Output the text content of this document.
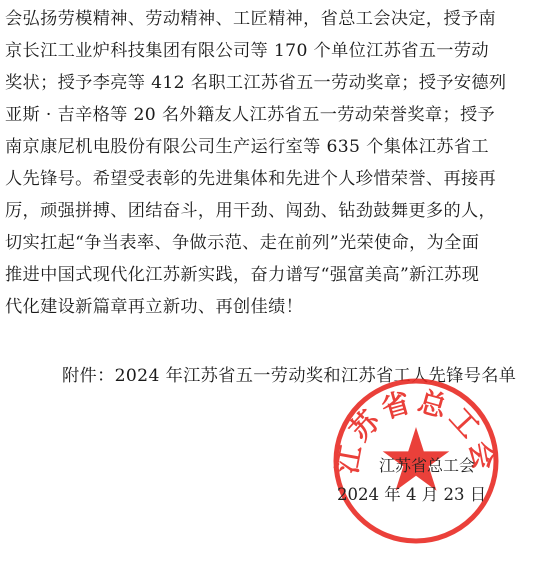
会弘扬劳模精神、劳动精神、工匠精神，省总工会决定，授予南
京长江工业炉科技集团有限公司等 170 个单位江苏省五一劳动
奖状；授予李亮等 412 名职工江苏省五一劳动奖章；授予安德列
亚斯 · 吉辛格等 20 名外籍友人江苏省五一劳动荣誉奖章；授予
南京康尼机电股份有限公司生产运行室等 635 个集体江苏省工
人先锋号。希望受表彰的先进集体和先进个人珍惜荣誉、再接再
厉，顽强拼搏、团结奋斗，用干劲、闯劲、钻劲鼓舞更多的人，
切实扛起“争当表率、争做示范、走在前列”光荣使命，为全面
推进中国式现代化江苏新实践，奋力谱写“强富美高”新江苏现
代化建设新篇章再立新功、再创佳绩！
附件：2024 年江苏省五一劳动奖和江苏省工人先锋号名单
江苏省总工会
江苏省总工会
2024 年 4 月 23 日
